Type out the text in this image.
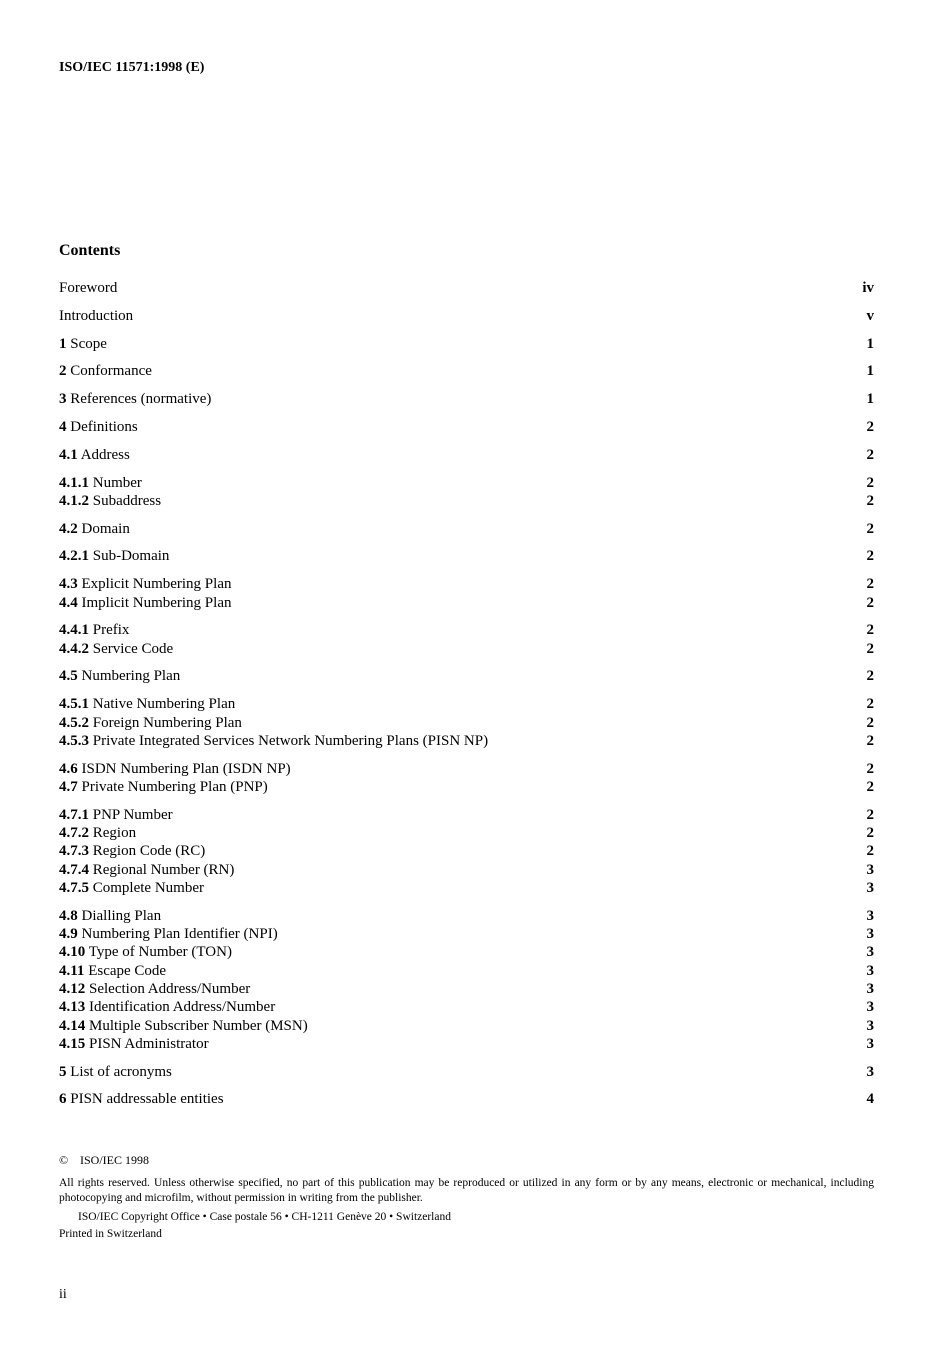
ISO/IEC 11571:1998 (E)
Contents
Foreword	iv
Introduction	v
1 Scope	1
2 Conformance	1
3 References (normative)	1
4 Definitions	2
4.1 Address	2
4.1.1 Number	2
4.1.2 Subaddress	2
4.2 Domain	2
4.2.1 Sub-Domain	2
4.3 Explicit Numbering Plan	2
4.4 Implicit Numbering Plan	2
4.4.1 Prefix	2
4.4.2 Service Code	2
4.5 Numbering Plan	2
4.5.1 Native Numbering Plan	2
4.5.2 Foreign Numbering Plan	2
4.5.3 Private Integrated Services Network Numbering Plans (PISN NP)	2
4.6 ISDN Numbering Plan (ISDN NP)	2
4.7 Private Numbering Plan (PNP)	2
4.7.1 PNP Number	2
4.7.2 Region	2
4.7.3 Region Code (RC)	2
4.7.4 Regional Number (RN)	3
4.7.5 Complete Number	3
4.8 Dialling Plan	3
4.9 Numbering Plan Identifier (NPI)	3
4.10 Type of Number (TON)	3
4.11 Escape Code	3
4.12 Selection Address/Number	3
4.13 Identification Address/Number	3
4.14 Multiple Subscriber Number (MSN)	3
4.15 PISN Administrator	3
5 List of acronyms	3
6 PISN addressable entities	4
© ISO/IEC 1998
All rights reserved. Unless otherwise specified, no part of this publication may be reproduced or utilized in any form or by any means, electronic or mechanical, including photocopying and microfilm, without permission in writing from the publisher.
ISO/IEC Copyright Office • Case postale 56 • CH-1211 Genève 20 • Switzerland
Printed in Switzerland
ii
